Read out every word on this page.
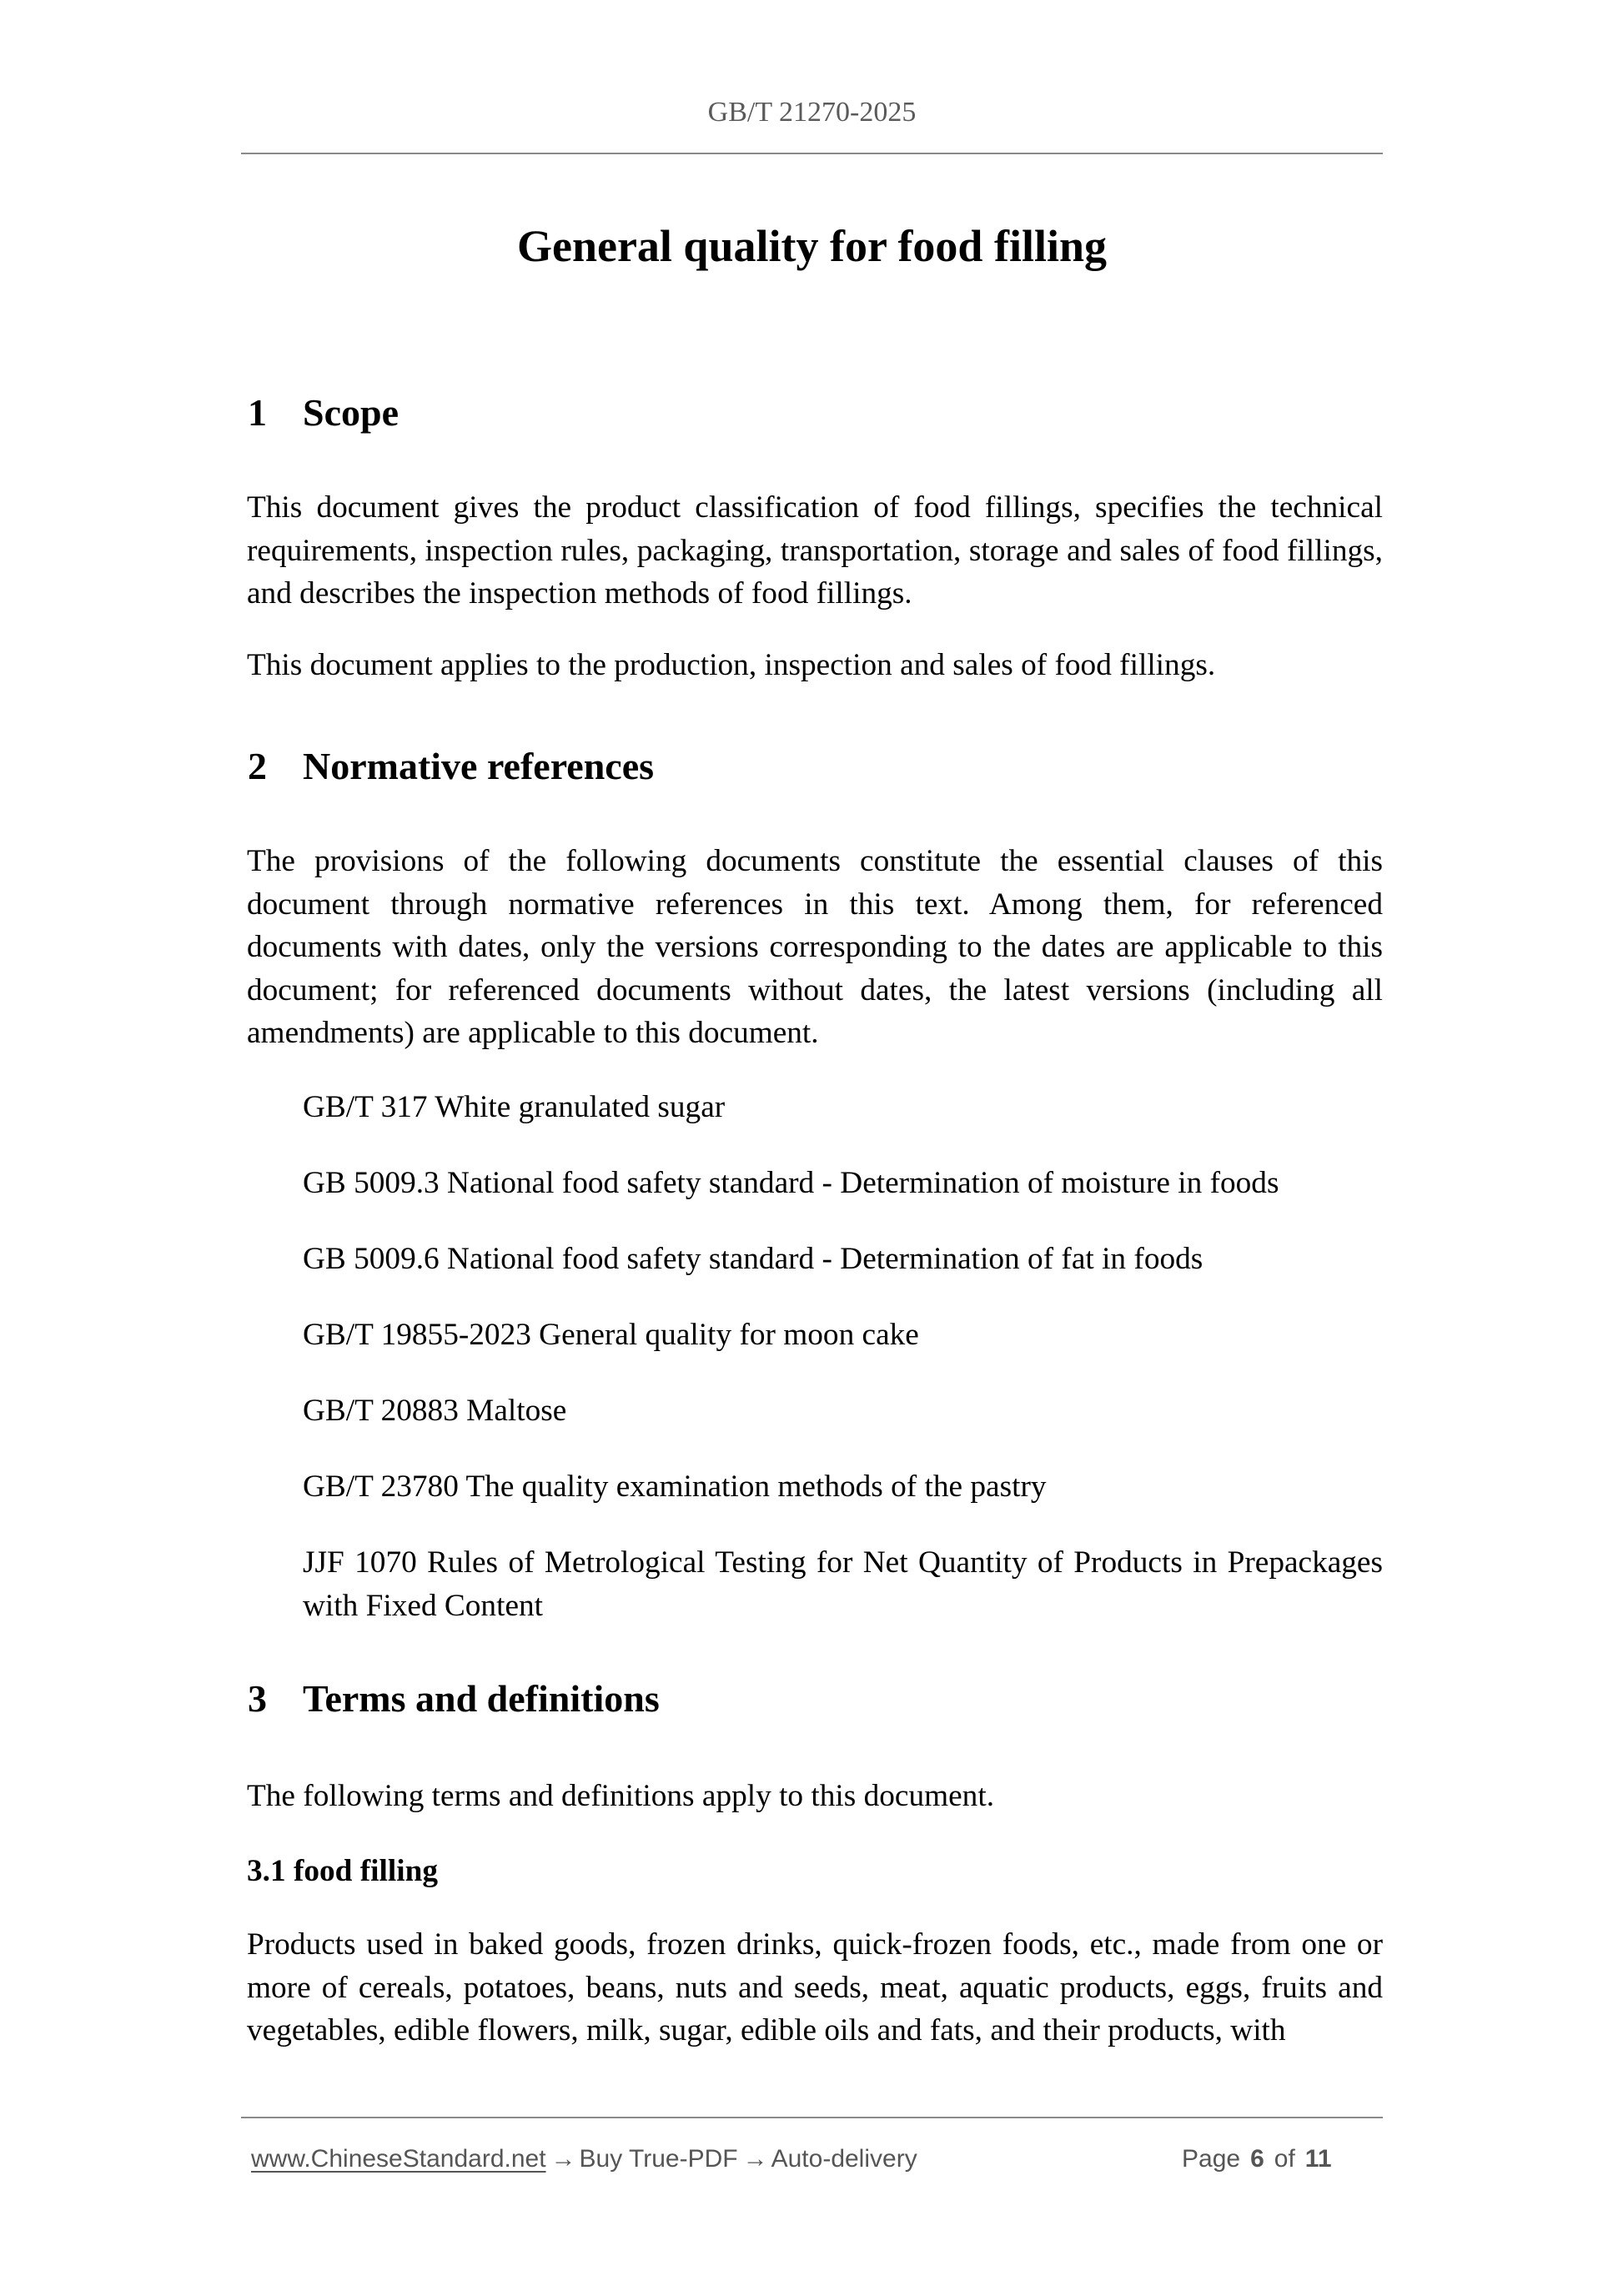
GB/T 21270-2025
General quality for food filling
1 Scope
This document gives the product classification of food fillings, specifies the technical requirements, inspection rules, packaging, transportation, storage and sales of food fillings, and describes the inspection methods of food fillings.
This document applies to the production, inspection and sales of food fillings.
2 Normative references
The provisions of the following documents constitute the essential clauses of this document through normative references in this text. Among them, for referenced documents with dates, only the versions corresponding to the dates are applicable to this document; for referenced documents without dates, the latest versions (including all amendments) are applicable to this document.
GB/T 317 White granulated sugar
GB 5009.3 National food safety standard - Determination of moisture in foods
GB 5009.6 National food safety standard - Determination of fat in foods
GB/T 19855-2023 General quality for moon cake
GB/T 20883 Maltose
GB/T 23780 The quality examination methods of the pastry
JJF 1070 Rules of Metrological Testing for Net Quantity of Products in Prepackages with Fixed Content
3 Terms and definitions
The following terms and definitions apply to this document.
3.1 food filling
Products used in baked goods, frozen drinks, quick-frozen foods, etc., made from one or more of cereals, potatoes, beans, nuts and seeds, meat, aquatic products, eggs, fruits and vegetables, edible flowers, milk, sugar, edible oils and fats, and their products, with
www.ChineseStandard.net → Buy True-PDF → Auto-delivery	Page 6 of 11
